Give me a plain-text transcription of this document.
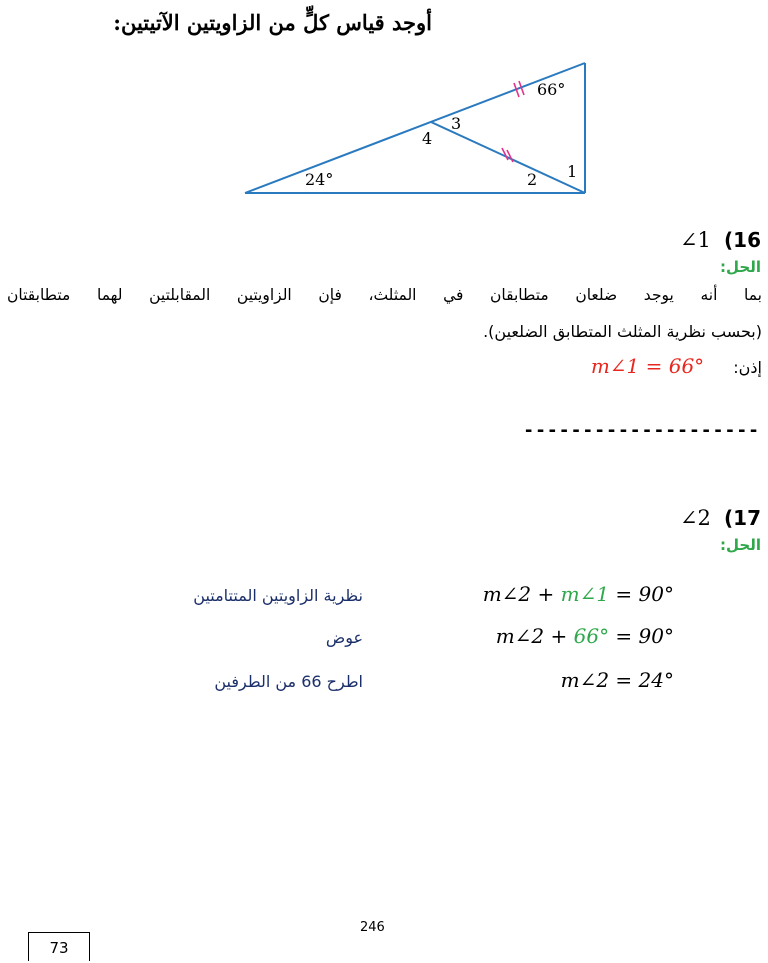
أوجد قياس كلٍّ من الزاويتين الآتيتين:
66°
24°	1
2
3
4
∠1 (16
الحل:
بما أنه يوجد ضلعان متطابقان في المثلث، فإن الزاويتين المقابلتين لهما متطابقتان
(بحسب نظرية المثلث المتطابق الضلعين).
m∠1 = 66° إذن:
--------------------
∠2 (17
الحل:
m∠2 + m∠1 = 90°
نظرية الزاويتين المتتامتين
m∠2 + 66° = 90°
عوض
m∠2 = 24°
اطرح 66 من الطرفين
246
73
